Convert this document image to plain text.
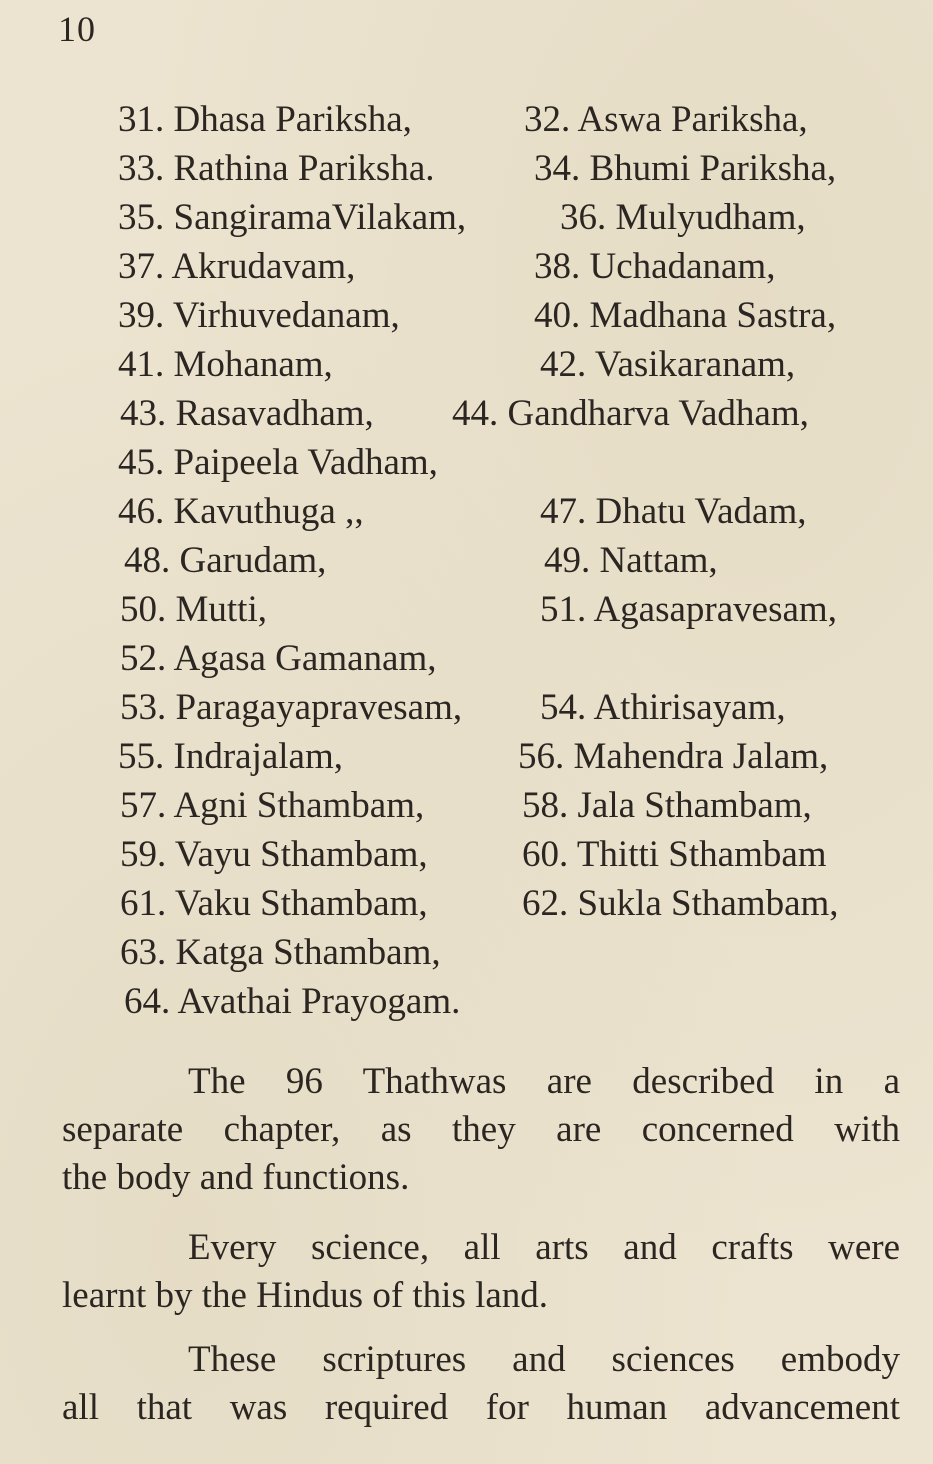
10
31. Dhasa Pariksha,	32. Aswa Pariksha,
33. Rathina Pariksha.	34. Bhumi Pariksha,
35. SangiramaVilakam,	36. Mulyudham,
37. Akrudavam,	38. Uchadanam,
39. Virhuvedanam,	40. Madhana Sastra,
41. Mohanam,	42. Vasikaranam,
43. Rasavadham, 44. Gandharva Vadham,
45. Paipeela Vadham,
46. Kavuthuga ,,	47. Dhatu Vadam,
48. Garudam,	49. Nattam,
50. Mutti,	51. Agasapravesam,
52. Agasa Gamanam,
53. Paragayapravesam, 54. Athirisayam,
55. Indrajalam,	56. Mahendra Jalam,
57. Agni Sthambam,	58. Jala Sthambam,
59. Vayu Sthambam,	60. Thitti Sthambam
61. Vaku Sthambam,	62. Sukla Sthambam,
63. Katga Sthambam,
64. Avathai Prayogam.
The 96 Thathwas are described in a
separate chapter, as they are concerned with
the body and functions.
Every science, all arts and crafts were
learnt by the Hindus of this land.
These scriptures and sciences embody
all that was required for human advancement
